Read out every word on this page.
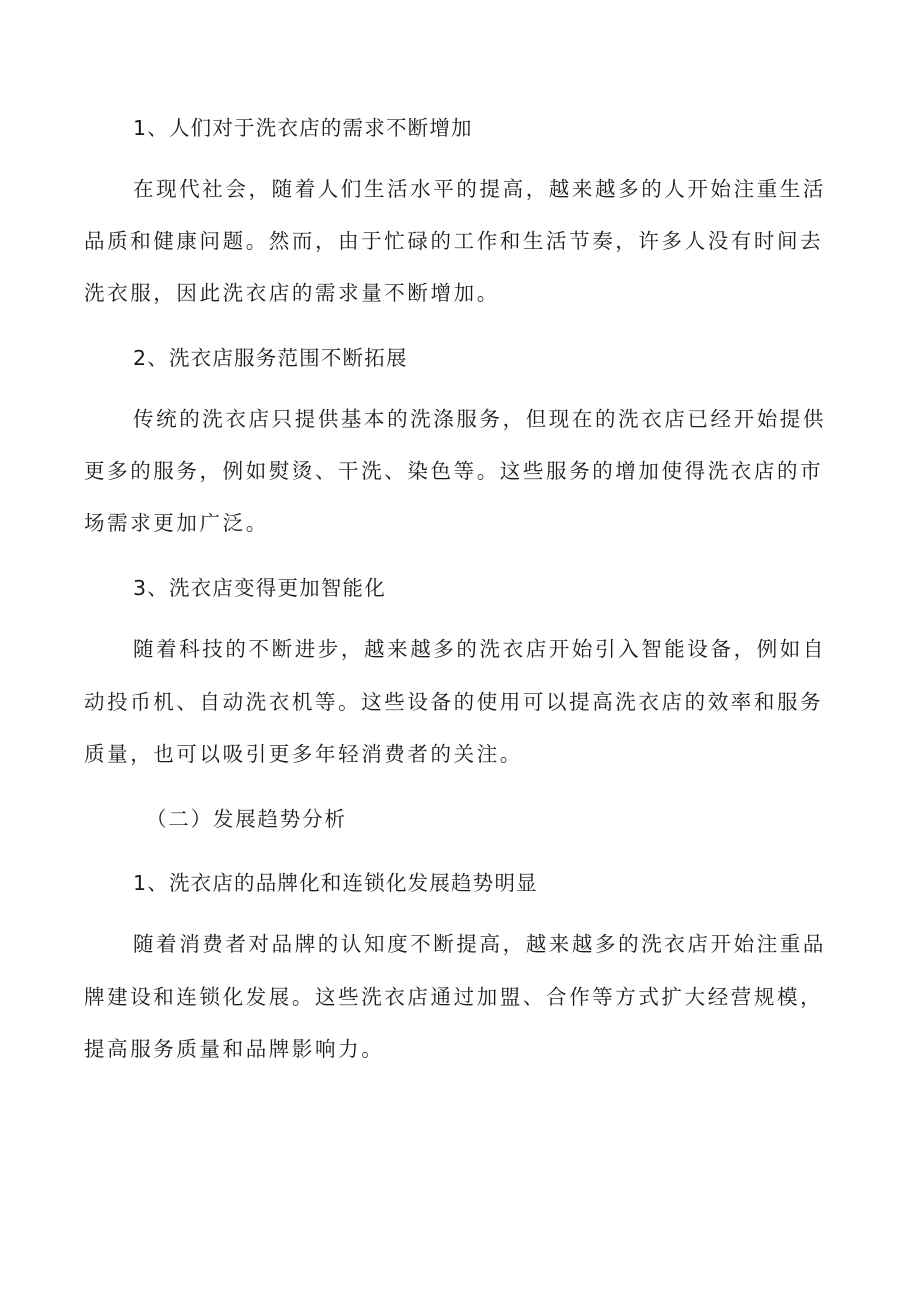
1、人们对于洗衣店的需求不断增加
在现代社会，随着人们生活水平的提高，越来越多的人开始注重生活
品质和健康问题。然而，由于忙碌的工作和生活节奏，许多人没有时间去
洗衣服，因此洗衣店的需求量不断增加。
2、洗衣店服务范围不断拓展
传统的洗衣店只提供基本的洗涤服务，但现在的洗衣店已经开始提供
更多的服务，例如熨烫、干洗、染色等。这些服务的增加使得洗衣店的市
场需求更加广泛。
3、洗衣店变得更加智能化
随着科技的不断进步，越来越多的洗衣店开始引入智能设备，例如自
动投币机、自动洗衣机等。这些设备的使用可以提高洗衣店的效率和服务
质量，也可以吸引更多年轻消费者的关注。
（二）发展趋势分析
1、洗衣店的品牌化和连锁化发展趋势明显
随着消费者对品牌的认知度不断提高，越来越多的洗衣店开始注重品
牌建设和连锁化发展。这些洗衣店通过加盟、合作等方式扩大经营规模，
提高服务质量和品牌影响力。
